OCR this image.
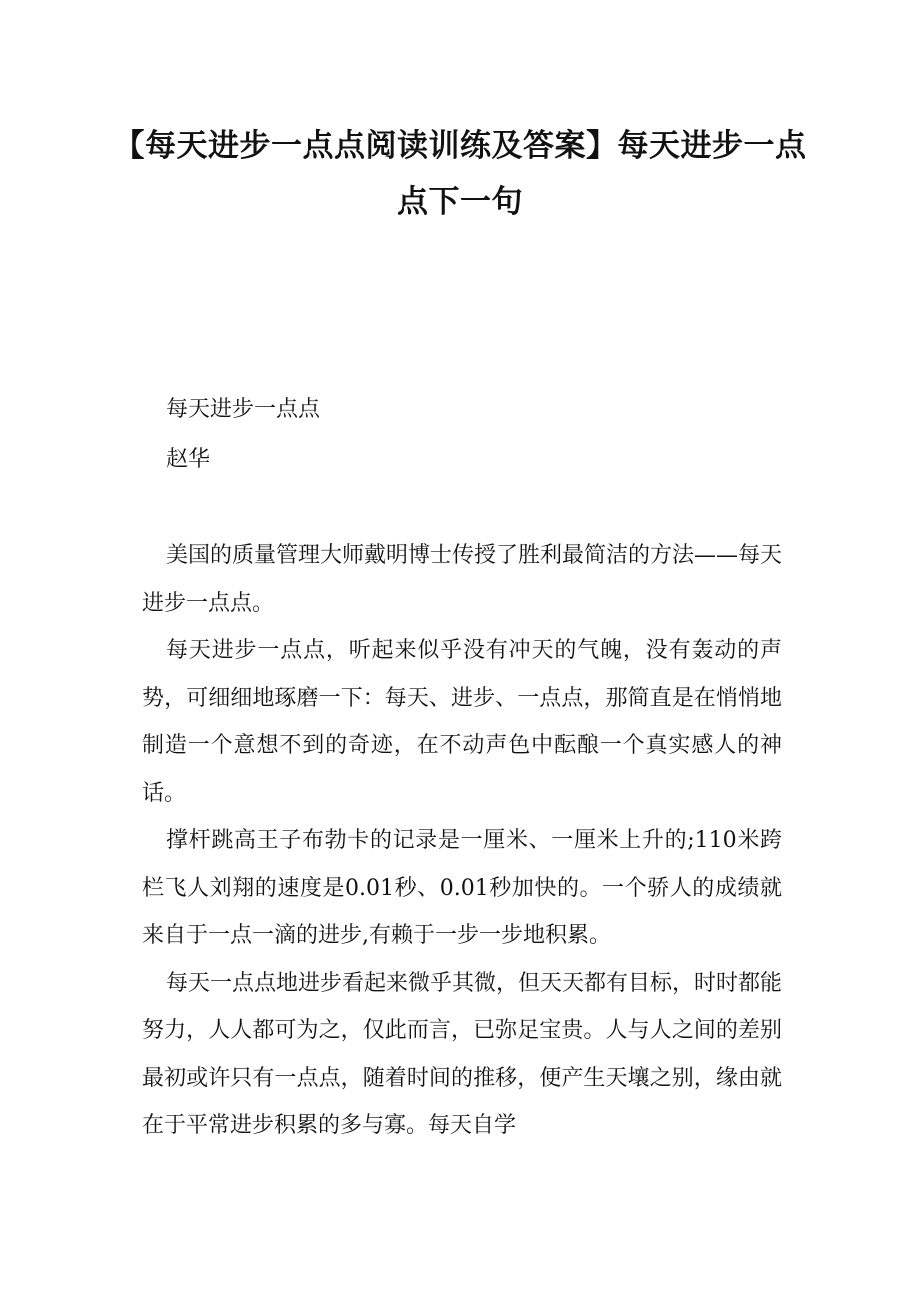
【每天进步一点点阅读训练及答案】每天进步一点点下一句
每天进步一点点
赵华

美国的质量管理大师戴明博士传授了胜利最简洁的方法——每天进步一点点。

每天进步一点点，听起来似乎没有冲天的气魄，没有轰动的声势，可细细地琢磨一下：每天、进步、一点点，那简直是在悄悄地制造一个意想不到的奇迹，在不动声色中酝酿一个真实感人的神话。

撑杆跳高王子布勃卡的记录是一厘米、一厘米上升的;110米跨栏飞人刘翔的速度是0.01秒、0.01秒加快的。一个骄人的成绩就来自于一点一滴的进步,有赖于一步一步地积累。

每天一点点地进步看起来微乎其微，但天天都有目标，时时都能努力，人人都可为之，仅此而言，已弥足宝贵。人与人之间的差别最初或许只有一点点，随着时间的推移，便产生天壤之别，缘由就在于平常进步积累的多与寡。每天自学
